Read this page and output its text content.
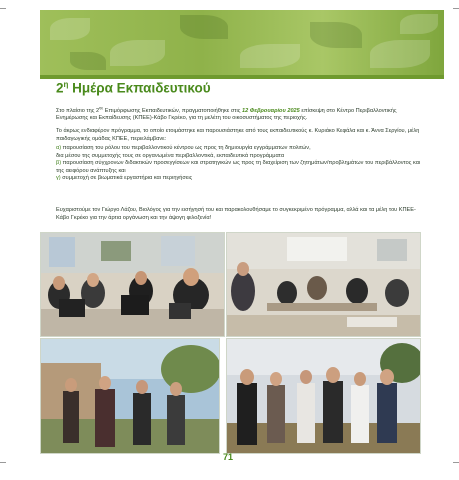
$2^\eta$ Ημέρα Εκπαιδευτικού

Στο πλαίσιο της $2^{\eta\varsigma}$ Επιμόρφωσης Εκπαιδευτικών, πραγματοποιήθηκε στις 12 Φεβρουαρίου 2025 επίσκεψη στο Κέντρο Περιβαλλοντικής Ενημέρωσης και Εκπαίδευσης (ΚΠΕΕ)-Κάβο Γκρέκο, για τη μελέτη του οικοσυστήματος της περιοχής.

Το άκρως ενδιαφέρον πρόγραμμα, το οποίο ετοιμάστηκε και παρουσιάστηκε από τους εκπαιδευτικούς κ. Κυριάκο Κεφάλα και κ. Άννα Σεργίου, μέλη παιδαγωγικής ομάδας ΚΠΕΕ, περιελάμβανε:

α) παρουσίαση του ρόλου του περιβαλλοντικού κέντρου ως προς τη δημιουργία εγγράμματων πολιτών,
δια μέσου της συμμετοχής τους σε οργανωμένα περιβαλλοντικά, εκπαιδευτικά προγράμματα
β) παρουσίαση σύγχρονων διδακτικών προσεγγίσεων και στρατηγικών ως προς τη διαχείριση των ζητημάτων/προβλημάτων του περιβάλλοντος και της αειφόρου ανάπτυξης και
γ) συμμετοχή σε βιωματικά εργαστήρια και περιηγήσεις

Ευχαριστούμε τον Γιώργο Λάζου, Βιολόγος για την εισήγησή του και παρακολουθήσαμε το συγκεκριμένο πρόγραμμα, αλλά και τα μέλη του ΚΠΕΕ-Κάβο Γκρέκο για την άρτια οργάνωση και την άψογη φιλοξενία!

71
